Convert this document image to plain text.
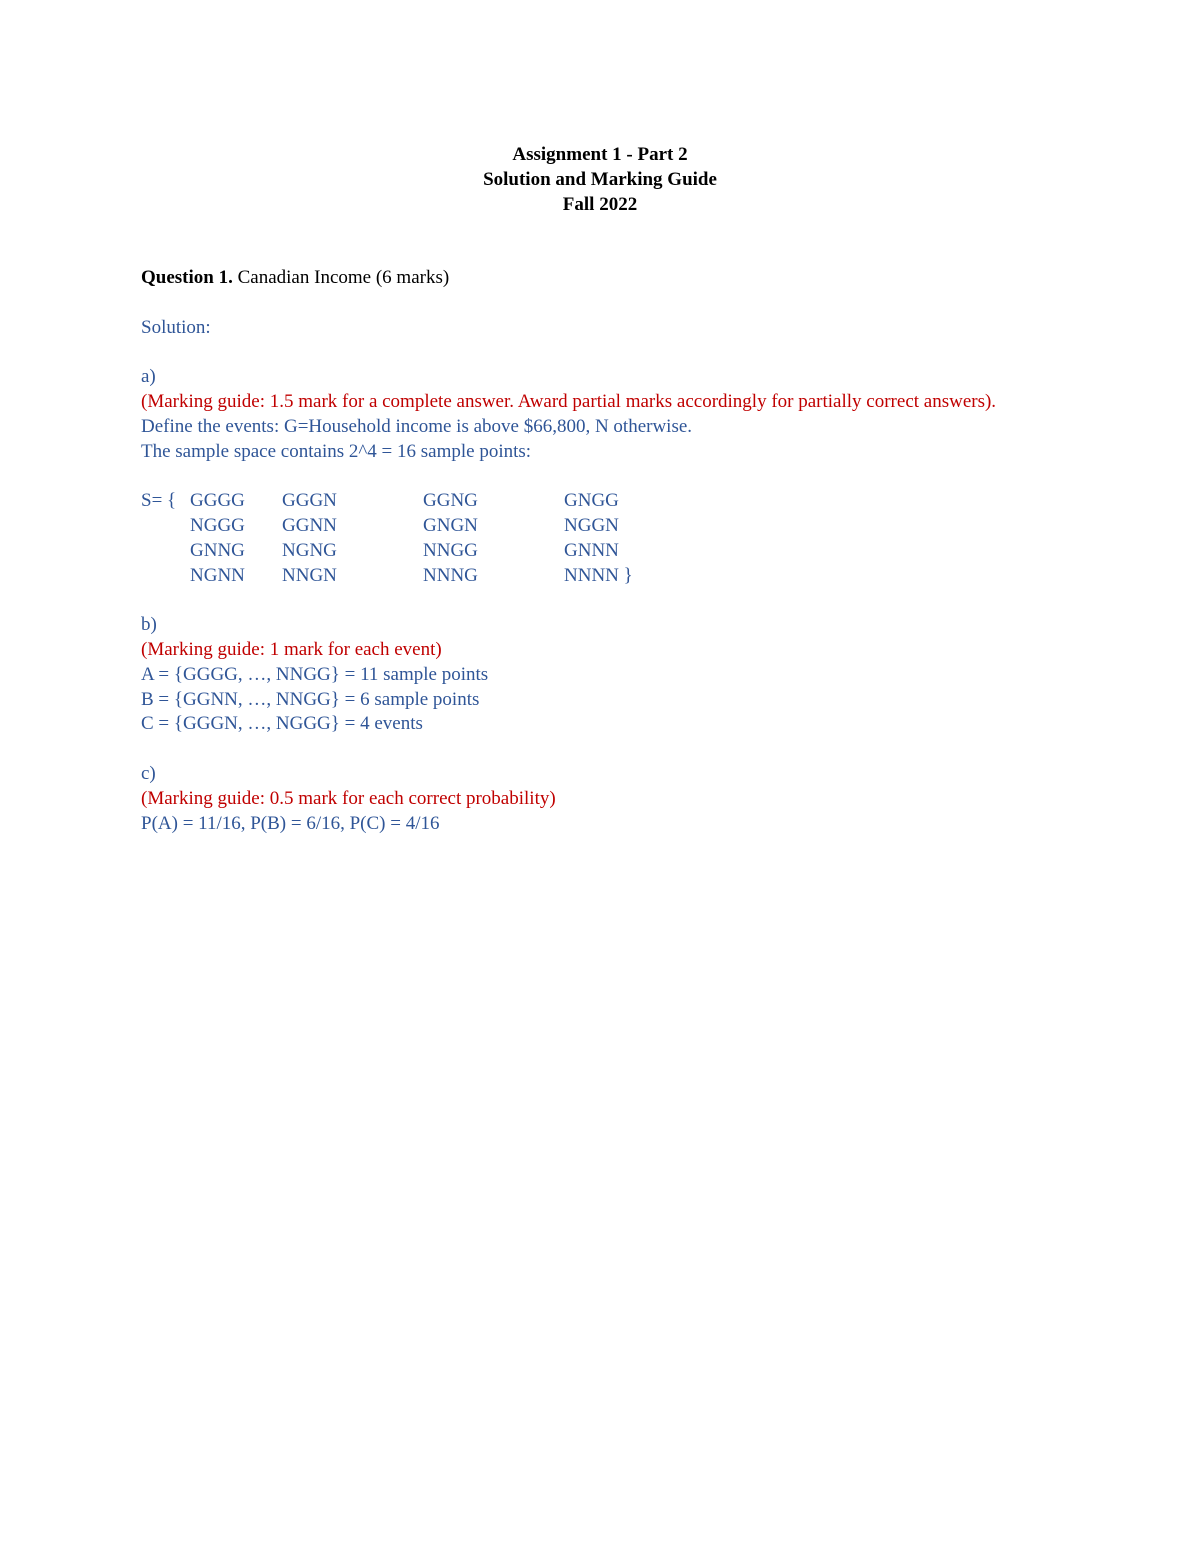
Assignment 1 - Part 2
Solution and Marking Guide
Fall 2022
Question 1. Canadian Income (6 marks)
Solution:
a)
(Marking guide: 1.5 mark for a complete answer. Award partial marks accordingly for partially correct answers).
Define the events: G=Household income is above $66,800, N otherwise.
The sample space contains 2^4 = 16 sample points:
S= { GGGG GGGN	GGNG	GNGG
NGGG GGNN	GNGN	NGGN
GNNG NGNG	NNGG	GNNN
NGNN NNGN	NNNG	NNNN }
b)
(Marking guide: 1 mark for each event)
A = {GGGG, …, NNGG} = 11 sample points
B = {GGNN, …, NNGG} = 6 sample points
C = {GGGN, …, NGGG} = 4 events
c)
(Marking guide: 0.5 mark for each correct probability)
P(A) = 11/16, P(B) = 6/16, P(C) = 4/16
